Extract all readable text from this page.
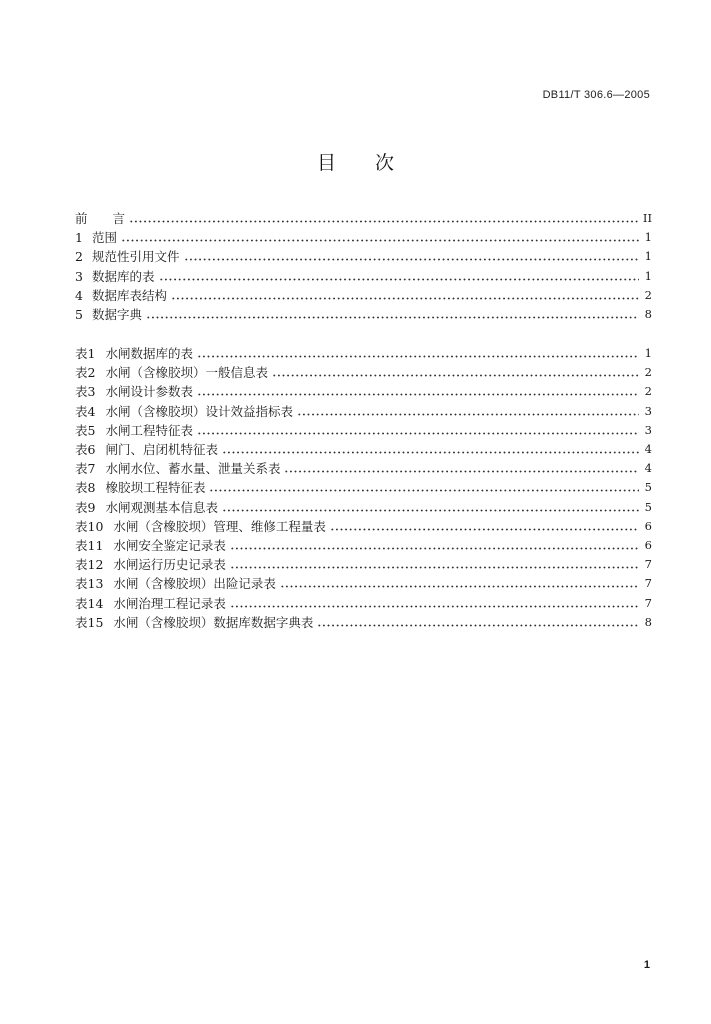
DB11/T 306.6—2005
目　次
前　　言	II
1 范围	1
2 规范性引用文件	1
3 数据库的表	1
4 数据库表结构	2
5 数据字典	8
表1 水闸数据库的表	1
表2 水闸（含橡胶坝）一般信息表	2
表3 水闸设计参数表	2
表4 水闸（含橡胶坝）设计效益指标表	3
表5 水闸工程特征表	3
表6 闸门、启闭机特征表	4
表7 水闸水位、蓄水量、泄量关系表	4
表8 橡胶坝工程特征表	5
表9 水闸观测基本信息表	5
表10 水闸（含橡胶坝）管理、维修工程量表	6
表11 水闸安全鉴定记录表	6
表12 水闸运行历史记录表	7
表13 水闸（含橡胶坝）出险记录表	7
表14 水闸治理工程记录表	7
表15 水闸（含橡胶坝）数据库数据字典表	8
1
